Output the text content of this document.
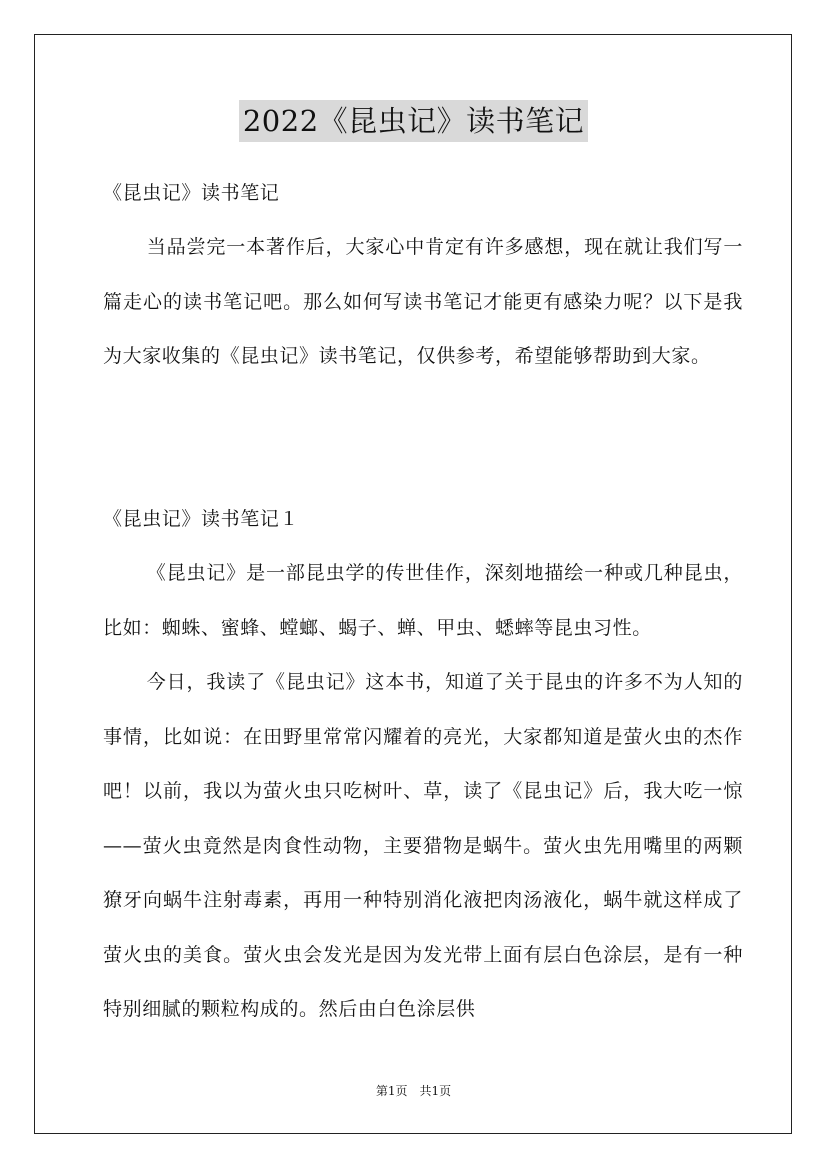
2022《昆虫记》读书笔记
《昆虫记》读书笔记

当品尝完一本著作后，大家心中肯定有许多感想，现在就让我们写一篇走心的读书笔记吧。那么如何写读书笔记才能更有感染力呢？以下是我为大家收集的《昆虫记》读书笔记，仅供参考，希望能够帮助到大家。

《昆虫记》读书笔记１

《昆虫记》是一部昆虫学的传世佳作，深刻地描绘一种或几种昆虫，比如：蜘蛛、蜜蜂、螳螂、蝎子、蝉、甲虫、蟋蟀等昆虫习性。

今日，我读了《昆虫记》这本书，知道了关于昆虫的许多不为人知的事情，比如说：在田野里常常闪耀着的亮光，大家都知道是萤火虫的杰作吧！以前，我以为萤火虫只吃树叶、草，读了《昆虫记》后，我大吃一惊——萤火虫竟然是肉食性动物，主要猎物是蜗牛。萤火虫先用嘴里的两颗獠牙向蜗牛注射毒素，再用一种特别消化液把肉汤液化，蜗牛就这样成了萤火虫的美食。萤火虫会发光是因为发光带上面有层白色涂层，是有一种特别细腻的颗粒构成的。然后由白色涂层供

第1页　共1页
